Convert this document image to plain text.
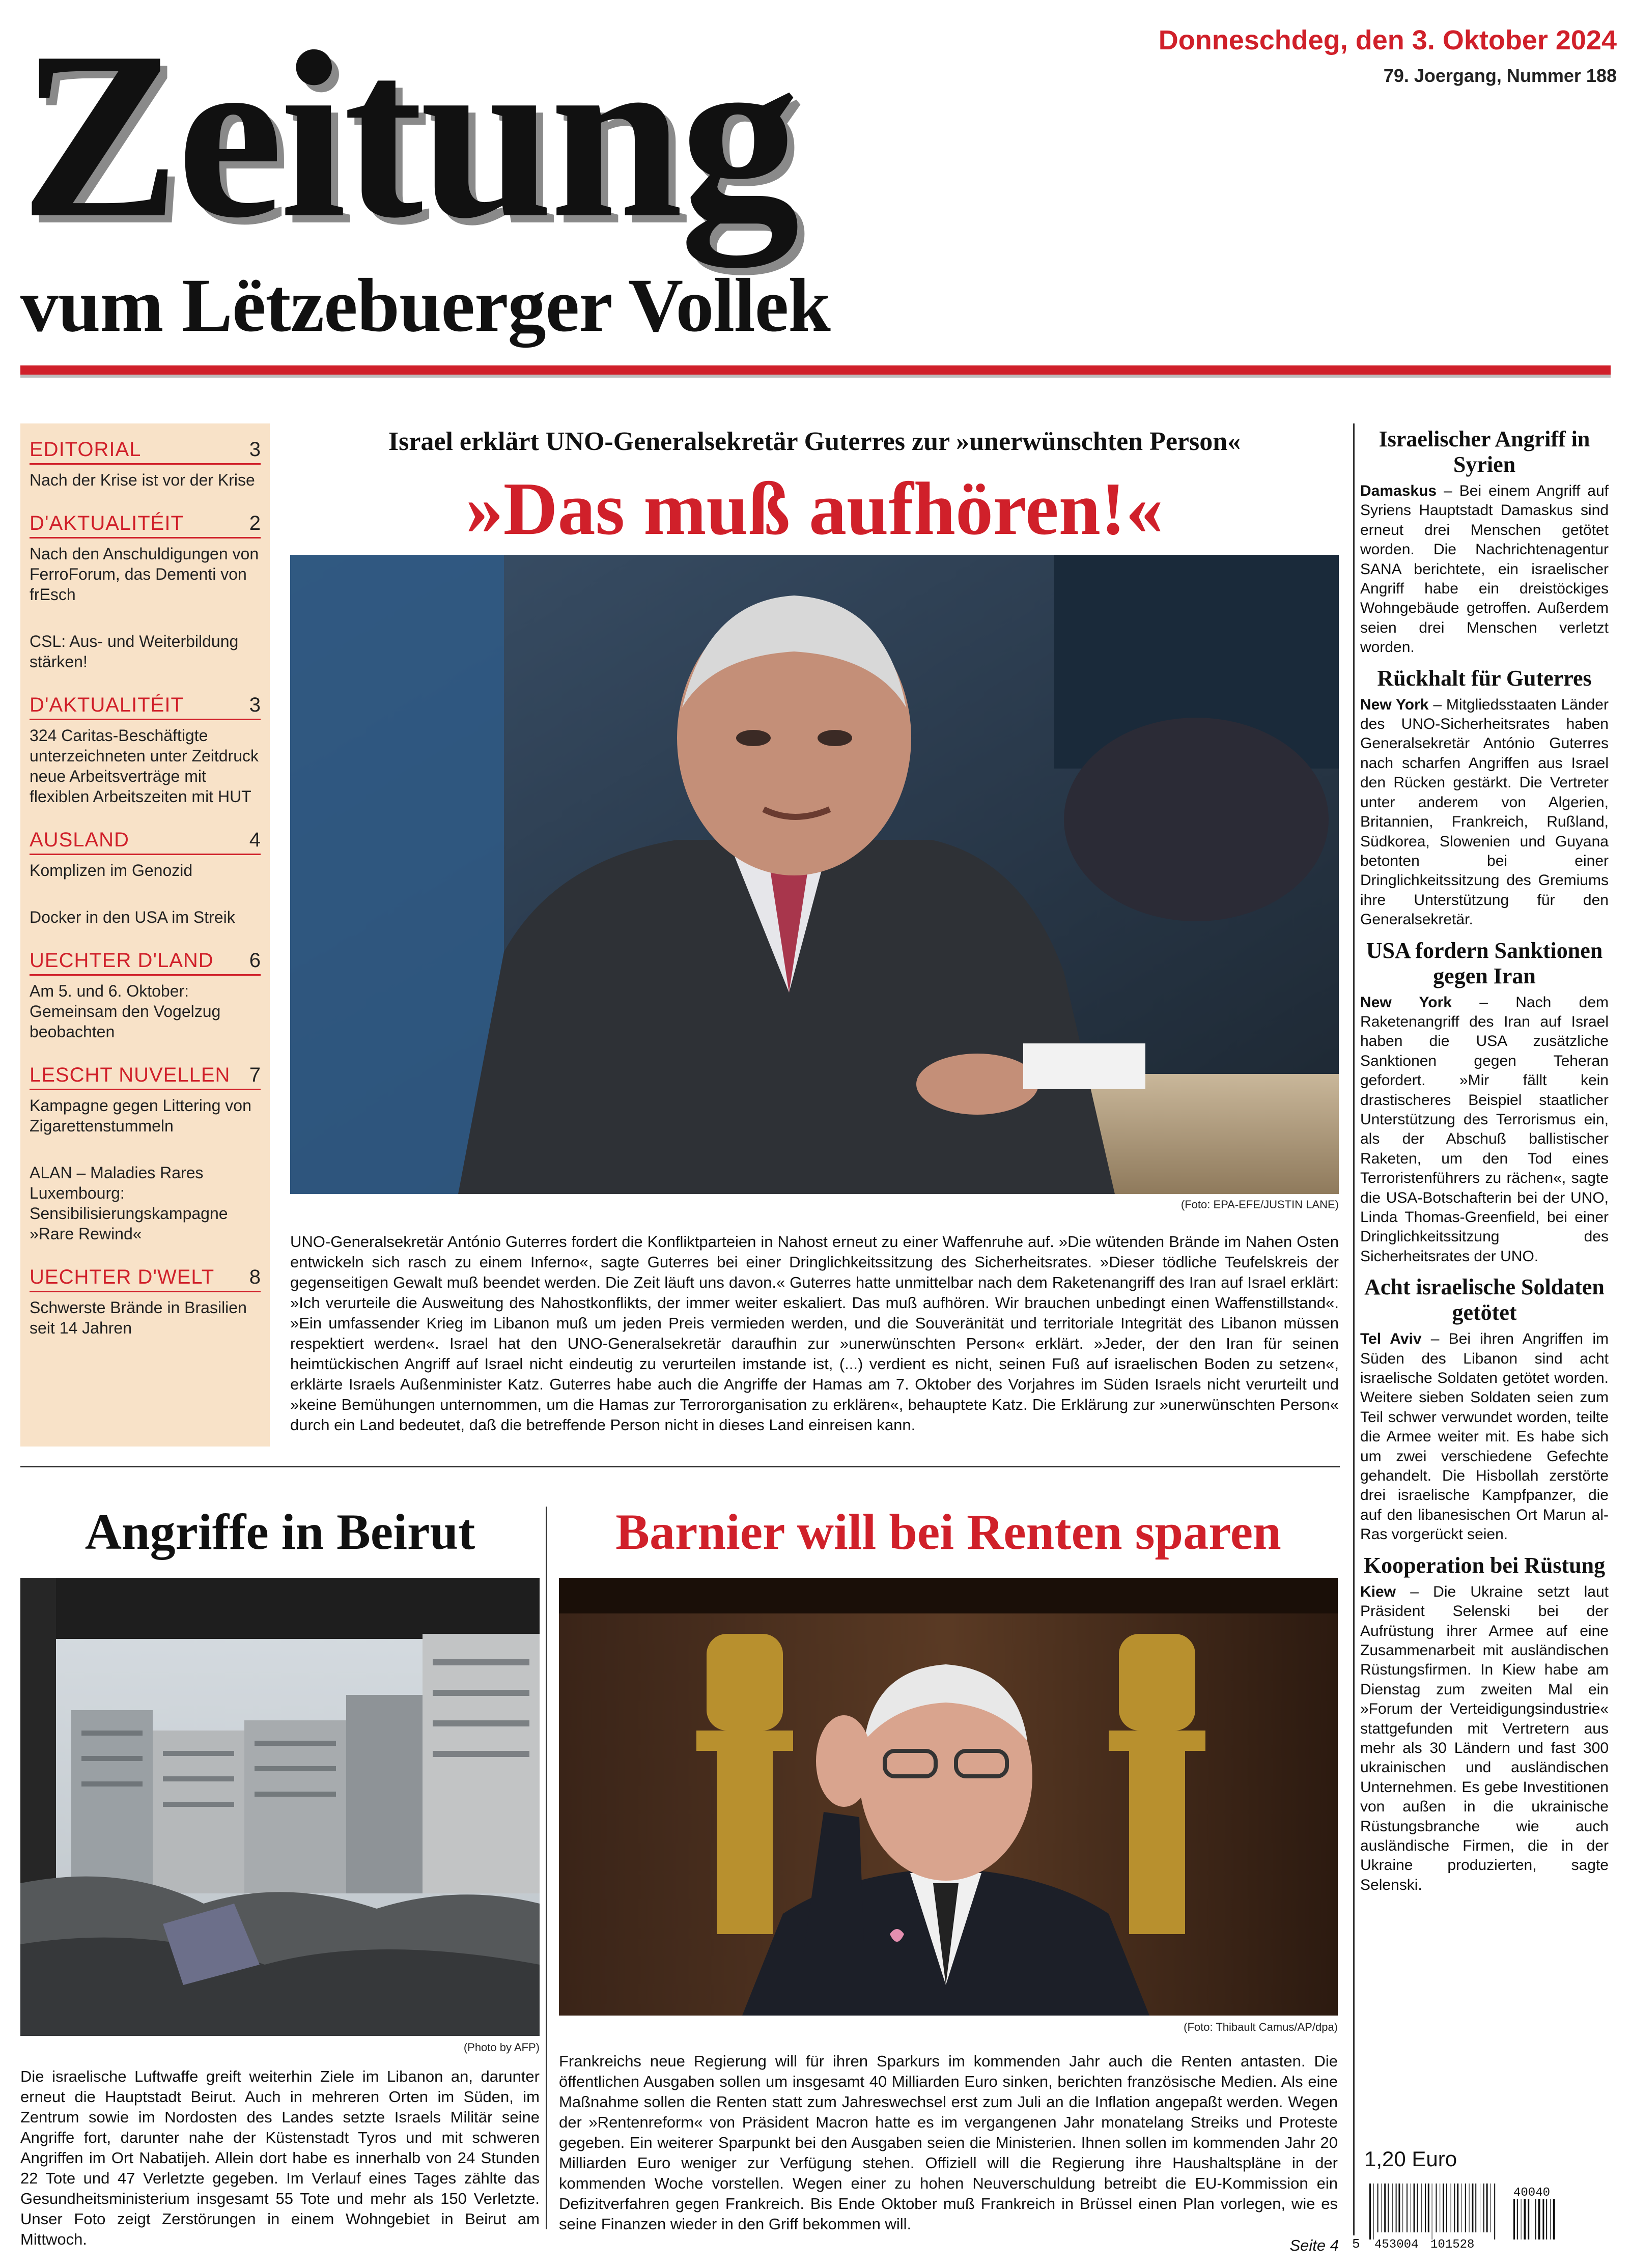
Zeitung
vum Lëtzebuerger Vollek
Donneschdeg, den 3. Oktober 2024
79. Joergang, Nummer 188
EDITORIAL	3
Nach der Krise ist vor der Krise
D'AKTUALITÉIT	2
Nach den Anschuldigungen von FerroForum, das Dementi von frEsch
CSL: Aus- und Weiterbildung stärken!
D'AKTUALITÉIT	3
324 Caritas-Beschäftigte unterzeichneten unter Zeitdruck neue Arbeitsverträge mit flexiblen Arbeitszeiten mit HUT
AUSLAND	4
Komplizen im Genozid
Docker in den USA im Streik
UECHTER D'LAND 6
Am 5. und 6. Oktober: Gemeinsam den Vogelzug beobachten
LESCHT NUVELLEN 7
Kampagne gegen Littering von Zigarettenstummeln
ALAN – Maladies Rares Luxembourg: Sensibilisierungskampagne »Rare Rewind«
UECHTER D'WELT 8
Schwerste Brände in Brasilien seit 14 Jahren
Israel erklärt UNO-Generalsekretär Guterres zur »unerwünschten Person«
»Das muß aufhören!«
(Foto: EPA-EFE/JUSTIN LANE)
UNO-Generalsekretär António Guterres fordert die Konfliktparteien in Nahost erneut zu einer Waffenruhe auf. »Die wütenden Brände im Nahen Osten entwickeln sich rasch zu einem Inferno«, sagte Guterres bei einer Dringlichkeitssitzung des Sicherheitsrates. »Dieser tödliche Teufelskreis der gegenseitigen Gewalt muß beendet werden. Die Zeit läuft uns davon.« Guterres hatte unmittelbar nach dem Raketenangriff des Iran auf Israel erklärt: »Ich verurteile die Ausweitung des Nahostkonflikts, der immer weiter eskaliert. Das muß aufhören. Wir brauchen unbedingt einen Waffenstillstand«. »Ein umfassender Krieg im Libanon muß um jeden Preis vermieden werden, und die Souveränität und territoriale Integrität des Libanon müssen respektiert werden«. Israel hat den UNO-Generalsekretär daraufhin zur »unerwünschten Person« erklärt. »Jeder, der den Iran für seinen heimtückischen Angriff auf Israel nicht eindeutig zu verurteilen imstande ist, (...) verdient es nicht, seinen Fuß auf israelischen Boden zu setzen«, erklärte Israels Außenminister Katz. Guterres habe auch die Angriffe der Hamas am 7. Oktober des Vorjahres im Süden Israels nicht verurteilt und »keine Bemühungen unternommen, um die Hamas zur Terrororganisation zu erklären«, behauptete Katz. Die Erklärung zur »unerwünschten Person« durch ein Land bedeutet, daß die betreffende Person nicht in dieses Land einreisen kann.
Israelischer Angriff in Syrien
Damaskus – Bei einem Angriff auf Syriens Hauptstadt Damaskus sind erneut drei Menschen getötet worden. Die Nachrichtenagentur SANA berichtete, ein israelischer Angriff habe ein dreistöckiges Wohngebäude getroffen. Außerdem seien drei Menschen verletzt worden.
Rückhalt für Guterres
New York – Mitgliedsstaaten Länder des UNO-Sicherheitsrates haben Generalsekretär António Guterres nach scharfen Angriffen aus Israel den Rücken gestärkt. Die Vertreter unter anderem von Algerien, Britannien, Frankreich, Rußland, Südkorea, Slowenien und Guyana betonten bei einer Dringlichkeitssitzung des Gremiums ihre Unterstützung für den Generalsekretär.
USA fordern Sanktionen gegen Iran
New York – Nach dem Raketenangriff des Iran auf Israel haben die USA zusätzliche Sanktionen gegen Teheran gefordert. »Mir fällt kein drastischeres Beispiel staatlicher Unterstützung des Terrorismus ein, als der Abschuß ballistischer Raketen, um den Tod eines Terroristenführers zu rächen«, sagte die USA-Botschafterin bei der UNO, Linda Thomas-Greenfield, bei einer Dringlichkeitssitzung des Sicherheitsrates der UNO.
Acht israelische Soldaten getötet
Tel Aviv – Bei ihren Angriffen im Süden des Libanon sind acht israelische Soldaten getötet worden. Weitere sieben Soldaten seien zum Teil schwer verwundet worden, teilte die Armee weiter mit. Es habe sich um zwei verschiedene Gefechte gehandelt. Die Hisbollah zerstörte drei israelische Kampfpanzer, die auf den libanesischen Ort Marun al-Ras vorgerückt seien.
Kooperation bei Rüstung
Kiew – Die Ukraine setzt laut Präsident Selenski bei der Aufrüstung ihrer Armee auf eine Zusammenarbeit mit ausländischen Rüstungsfirmen. In Kiew habe am Dienstag zum zweiten Mal ein »Forum der Verteidigungsindustrie« stattgefunden mit Vertretern aus mehr als 30 Ländern und fast 300 ukrainischen und ausländischen Unternehmen. Es gebe Investitionen von außen in die ukrainische Rüstungsbranche wie auch ausländische Firmen, die in der Ukraine produzierten, sagte Selenski.
Angriffe in Beirut
(Photo by AFP)
Die israelische Luftwaffe greift weiterhin Ziele im Libanon an, darunter erneut die Hauptstadt Beirut. Auch in mehreren Orten im Süden, im Zentrum sowie im Nordosten des Landes setzte Israels Militär seine Angriffe fort, darunter nahe der Küstenstadt Tyros und mit schweren Angriffen im Ort Nabatijeh. Allein dort habe es innerhalb von 24 Stunden 22 Tote und 47 Verletzte gegeben. Im Verlauf eines Tages zählte das Gesundheitsministerium insgesamt 55 Tote und mehr als 150 Verletzte. Unser Foto zeigt Zerstörungen in einem Wohngebiet in Beirut am Mittwoch.
Barnier will bei Renten sparen
(Foto: Thibault Camus/AP/dpa)
Frankreichs neue Regierung will für ihren Sparkurs im kommenden Jahr auch die Renten antasten. Die öffentlichen Ausgaben sollen um insgesamt 40 Milliarden Euro sinken, berichten französische Medien. Als eine Maßnahme sollen die Renten statt zum Jahreswechsel erst zum Juli an die Inflation angepaßt werden. Wegen der »Rentenreform« von Präsident Macron hatte es im vergangenen Jahr monatelang Streiks und Proteste gegeben. Ein weiterer Sparpunkt bei den Ausgaben seien die Ministerien. Ihnen sollen im kommenden Jahr 20 Milliarden Euro weniger zur Verfügung stehen. Offiziell will die Regierung ihre Haushaltspläne in der kommenden Woche vorstellen. Wegen einer zu hohen Neuverschuldung betreibt die EU-Kommission ein Defizitverfahren gegen Frankreich. Bis Ende Oktober muß Frankreich in Brüssel einen Plan vorlegen, wie es seine Finanzen wieder in den Griff bekommen will.
Seite 4
1,20 Euro
5 453004 101528
40040
